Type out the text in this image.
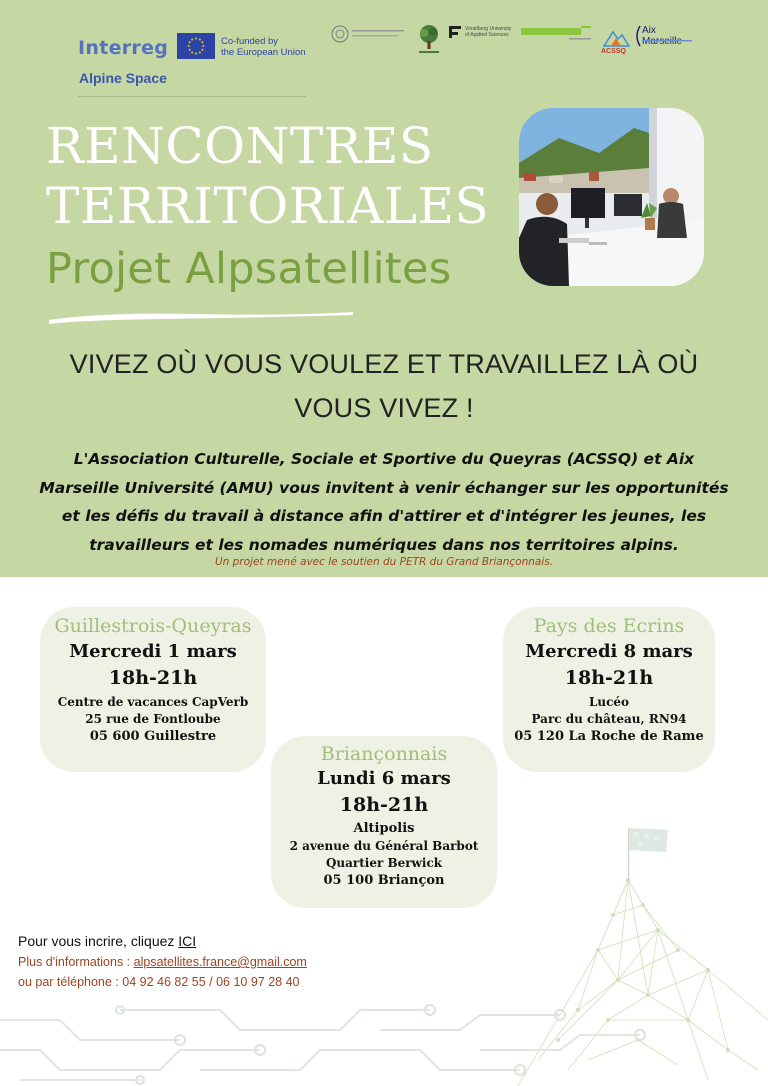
Interreg	Co-funded by
the European Union
Alpine Space
Vorarlberg University
of Applied Sciences
ACSSQ
Aix
RENCONTRES
TERRITORIALES
Projet Alpsatellites
VIVEZ OÙ VOUS VOULEZ ET TRAVAILLEZ LÀ OÙ
VOUS VIVEZ !
L'Association Culturelle, Sociale et Sportive du Queyras (ACSSQ) et Aix Marseille Université (AMU) vous invitent à venir échanger sur les opportunités et les défis du travail à distance afin d'attirer et d'intégrer les jeunes, les travailleurs et les nomades numériques dans nos territoires alpins.
Un projet mené avec le soutien du PETR du Grand Briançonnais.
Guillestrois-Queyras
Mercredi 1 mars
18h-21h
Centre de vacances CapVerb
25 rue de Fontloube
05 600 Guillestre
Pays des Ecrins
Mercredi 8 mars
18h-21h
Lucéo
Parc du château, RN94
05 120 La Roche de Rame
Briançonnais
Lundi 6 mars
18h-21h
Altipolis
2 avenue du Général Barbot
Quartier Berwick
05 100 Briançon
Pour vous incrire, cliquez ICI
Plus d'informations : alpsatellites.france@gmail.com
ou par téléphone : 04 92 46 82 55 / 06 10 97 28 40
